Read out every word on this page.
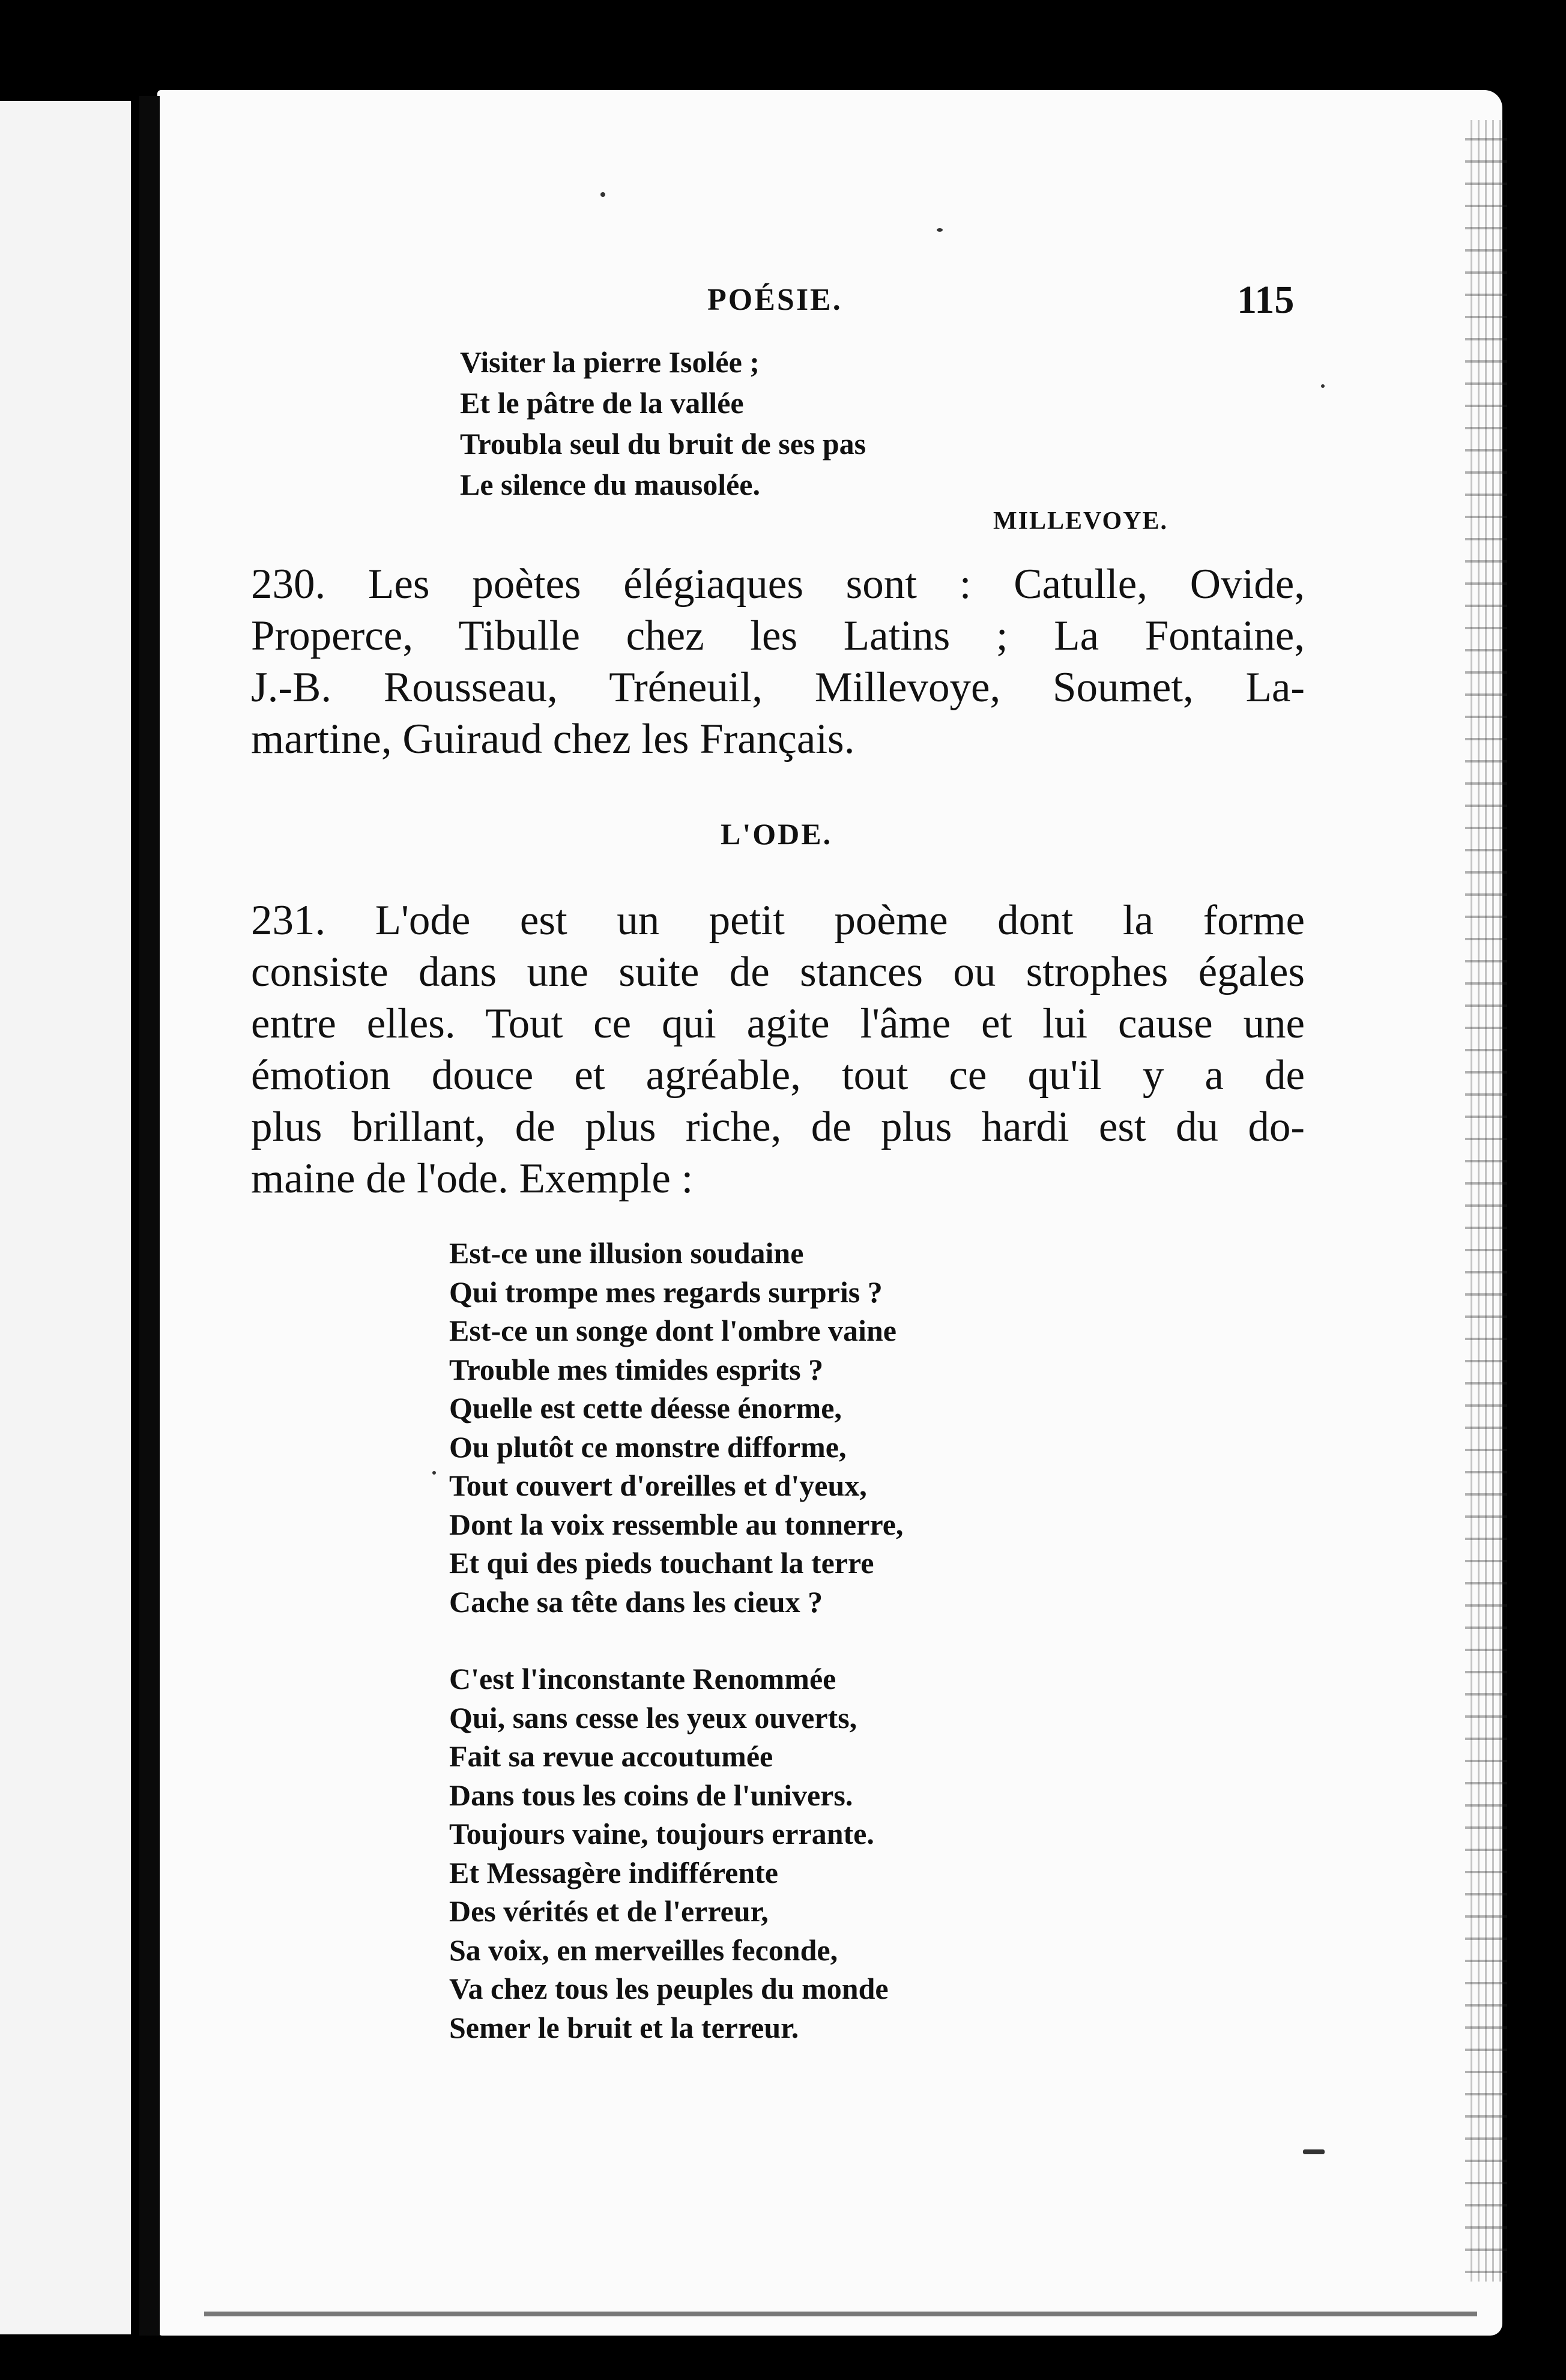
POÉSIE.	115
Visiter la pierre Isolée ;
Et le pâtre de la vallée
Troubla seul du bruit de ses pas
Le silence du mausolée.
MILLEVOYE.
230. Les poètes élégiaques sont : Catulle, Ovide,
Properce, Tibulle chez les Latins ; La Fontaine,
J.-B. Rousseau, Tréneuil, Millevoye, Soumet, La-
martine, Guiraud chez les Français.
L'ODE.
231. L'ode est un petit poème dont la forme
consiste dans une suite de stances ou strophes égales
entre elles. Tout ce qui agite l'âme et lui cause une
émotion douce et agréable, tout ce qu'il y a de
plus brillant, de plus riche, de plus hardi est du do-
maine de l'ode. Exemple :
Est-ce une illusion soudaine
Qui trompe mes regards surpris ?
Est-ce un songe dont l'ombre vaine
Trouble mes timides esprits ?
Quelle est cette déesse énorme,
Ou plutôt ce monstre difforme,
Tout couvert d'oreilles et d'yeux,
Dont la voix ressemble au tonnerre,
Et qui des pieds touchant la terre
Cache sa tête dans les cieux ?
C'est l'inconstante Renommée
Qui, sans cesse les yeux ouverts,
Fait sa revue accoutumée
Dans tous les coins de l'univers.
Toujours vaine, toujours errante.
Et Messagère indifférente
Des vérités et de l'erreur,
Sa voix, en merveilles feconde,
Va chez tous les peuples du monde
Semer le bruit et la terreur.
